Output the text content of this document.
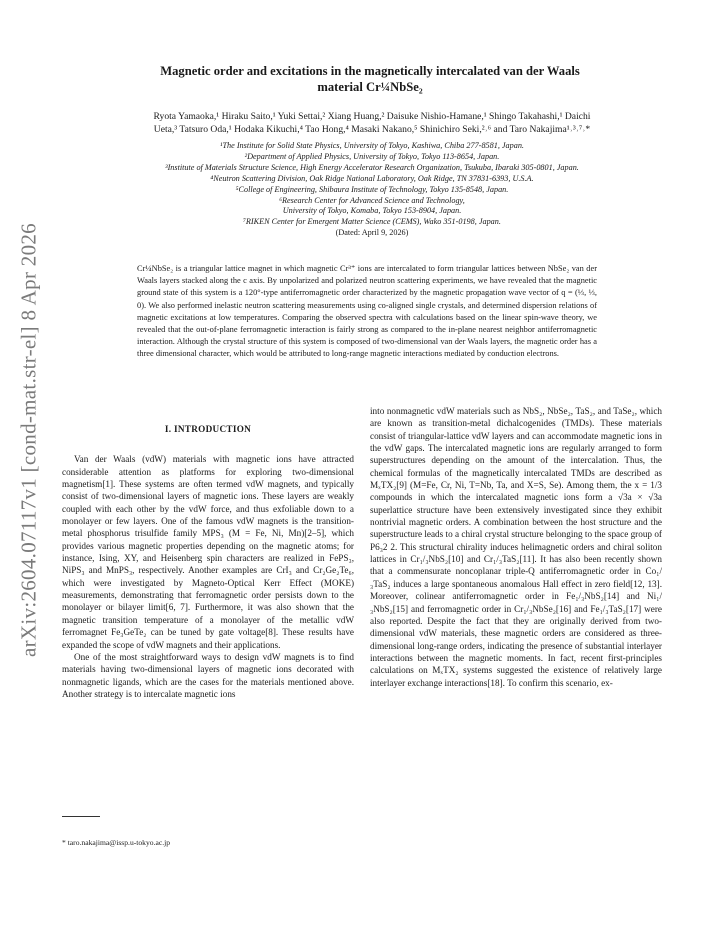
arXiv:2604.07117v1 [cond-mat.str-el] 8 Apr 2026
Magnetic order and excitations in the magnetically intercalated van der Waals
material Cr¼NbSe₂
Ryota Yamaoka,¹ Hiraku Saito,¹ Yuki Settai,² Xiang Huang,² Daisuke Nishio-Hamane,¹ Shingo Takahashi,¹ Daichi
Ueta,³ Tatsuro Oda,¹ Hodaka Kikuchi,⁴ Tao Hong,⁴ Masaki Nakano,⁵ Shinichiro Seki,²˒⁶ and Taro Nakajima¹˒³˒⁷˒*
¹The Institute for Solid State Physics, University of Tokyo, Kashiwa, Chiba 277-8581, Japan.
²Department of Applied Physics, University of Tokyo, Tokyo 113-8654, Japan.
³Institute of Materials Structure Science, High Energy Accelerator Research Organization, Tsukuba, Ibaraki 305-0801, Japan.
⁴Neutron Scattering Division, Oak Ridge National Laboratory, Oak Ridge, TN 37831-6393, U.S.A.
⁵College of Engineering, Shibaura Institute of Technology, Tokyo 135-8548, Japan.
⁶Research Center for Advanced Science and Technology,
University of Tokyo, Komaba, Tokyo 153-8904, Japan.
⁷RIKEN Center for Emergent Matter Science (CEMS), Wako 351-0198, Japan.
(Dated: April 9, 2026)
Cr¼NbSe₂ is a triangular lattice magnet in which magnetic Cr³⁺ ions are intercalated to form triangular lattices between NbSe₂ van der Waals layers stacked along the c axis. By unpolarized and polarized neutron scattering experiments, we have revealed that the magnetic ground state of this system is a 120°-type antiferromagnetic order characterized by the magnetic propagation wave vector of q = (⅓, ⅓, 0). We also performed inelastic neutron scattering measurements using co-aligned single crystals, and determined dispersion relations of magnetic excitations at low temperatures. Comparing the observed spectra with calculations based on the linear spin-wave theory, we revealed that the out-of-plane ferromagnetic interaction is fairly strong as compared to the in-plane nearest neighbor antiferromagnetic interaction. Although the crystal structure of this system is composed of two-dimensional van der Waals layers, the magnetic order has a three dimensional character, which would be attributed to long-range magnetic interactions mediated by conduction electrons.
I. INTRODUCTION

Van der Waals (vdW) materials with magnetic ions have attracted considerable attention as platforms for exploring two-dimensional magnetism[1]. These systems are often termed vdW magnets, and typically consist of two-dimensional layers of magnetic ions. These layers are weakly coupled with each other by the vdW force, and thus exfoliable down to a monolayer or few layers. One of the famous vdW magnets is the transition-metal phosphorus trisulfide family MPS₃ (M = Fe, Ni, Mn)[2–5], which provides various magnetic properties depending on the magnetic atoms; for instance, Ising, XY, and Heisenberg spin characters are realized in FePS₃, NiPS₃ and MnPS₃, respectively. Another examples are CrI₃ and Cr₂Ge₂Te₆, which were investigated by Magneto-Optical Kerr Effect (MOKE) measurements, demonstrating that ferromagnetic order persists down to the monolayer or bilayer limit[6, 7]. Furthermore, it was also shown that the magnetic transition temperature of a monolayer of the metallic vdW ferromagnet Fe₃GeTe₂ can be tuned by gate voltage[8]. These results have expanded the scope of vdW magnets and their applications.

One of the most straightforward ways to design vdW magnets is to find materials having two-dimensional layers of magnetic ions decorated with nonmagnetic ligands, which are the cases for the materials mentioned above. Another strategy is to intercalate magnetic ions

into nonmagnetic vdW materials such as NbS₂, NbSe₂, TaS₂, and TaSe₂, which are known as transition-metal dichalcogenides (TMDs). These materials consist of triangular-lattice vdW layers and can accommodate magnetic ions in the vdW gaps. The intercalated magnetic ions are regularly arranged to form superstructures depending on the amount of the intercalation. Thus, the chemical formulas of the magnetically intercalated TMDs are described as MₓTX₂[9] (M=Fe, Cr, Ni, T=Nb, Ta, and X=S, Se). Among them, the x = 1/3 compounds in which the intercalated magnetic ions form a √3a × √3a superlattice structure have been extensively investigated since they exhibit nontrivial magnetic orders. A combination between the host structure and the superstructure leads to a chiral crystal structure belonging to the space group of P6₃2 2. This structural chirality induces helimagnetic orders and chiral soliton lattices in Cr₁/₃NbS₂[10] and Cr₁/₃TaS₂[11]. It has also been recently shown that a commensurate noncoplanar triple-Q antiferromagnetic order in Co₁/₃TaS₂ induces a large spontaneous anomalous Hall effect in zero field[12, 13]. Moreover, colinear antiferromagnetic order in Fe₁/₃NbS₂[14] and Ni₁/₃NbS₂[15] and ferromagnetic order in Cr₁/₃NbSe₂[16] and Fe₁/₃TaS₂[17] were also reported. Despite the fact that they are originally derived from two-dimensional vdW materials, these magnetic orders are considered as three-dimensional long-range orders, indicating the presence of substantial interlayer interactions between the magnetic moments. In fact, recent first-principles calculations on MₓTX₂ systems suggested the existence of relatively large interlayer exchange interactions[18]. To confirm this scenario, ex-

* taro.nakajima@issp.u-tokyo.ac.jp
